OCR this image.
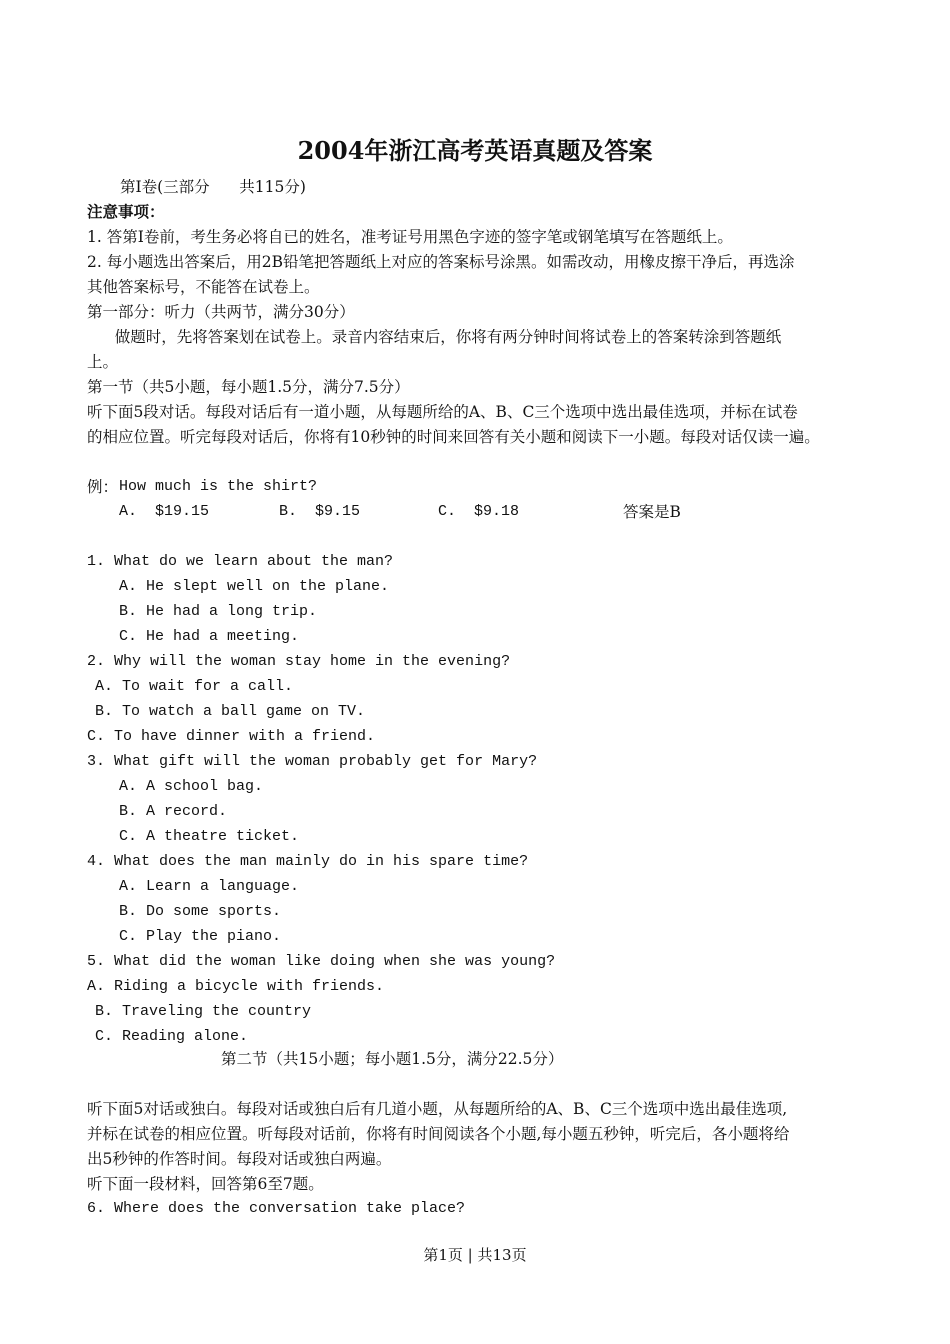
2004年浙江高考英语真题及答案
第Ⅰ卷(三部分      共115分)
注意事项：
1. 答第Ⅰ卷前，考生务必将自已的姓名，准考证号用黑色字迹的签字笔或钢笔填写在答题纸上。
2. 每小题选出答案后，用2B铅笔把答题纸上对应的答案标号涂黑。如需改动，用橡皮擦干净后，再选涂
其他答案标号，不能答在试卷上。
第一部分：听力（共两节，满分30分）
做题时，先将答案划在试卷上。录音内容结束后，你将有两分钟时间将试卷上的答案转涂到答题纸
上。
第一节（共5小题，每小题1.5分，满分7.5分）
听下面5段对话。每段对话后有一道小题，从每题所给的A、B、C三个选项中选出最佳选项，并标在试卷
的相应位置。听完每段对话后，你将有10秒钟的时间来回答有关小题和阅读下一小题。每段对话仅读一遍。
例： How much is the shirt?
A.  $19.15	B.  $9.15	C.  $9.18	答案是B
1. What do we learn about the man?
A. He slept well on the plane.
B. He had a long trip.
C. He had a meeting.
2. Why will the woman stay home in the evening?
A. To wait for a call.
B. To watch a ball game on TV.
C. To have dinner with a friend.
3. What gift will the woman probably get for Mary?
A. A school bag.
B. A record.
C. A theatre ticket.
4. What does the man mainly do in his spare time?
A. Learn a language.
B. Do some sports.
C. Play the piano.
5. What did the woman like doing when she was young?
A. Riding a bicycle with friends.
B. Traveling the country
C. Reading alone.
第二节（共15小题；每小题1.5分，满分22.5分）
听下面5对话或独白。每段对话或独白后有几道小题，从每题所给的A、B、C三个选项中选出最佳选项,
并标在试卷的相应位置。听每段对话前，你将有时间阅读各个小题,每小题五秒钟，听完后，各小题将给
出5秒钟的作答时间。每段对话或独白两遍。
听下面一段材料，回答第6至7题。
6. Where does the conversation take place?
第1页 | 共13页
